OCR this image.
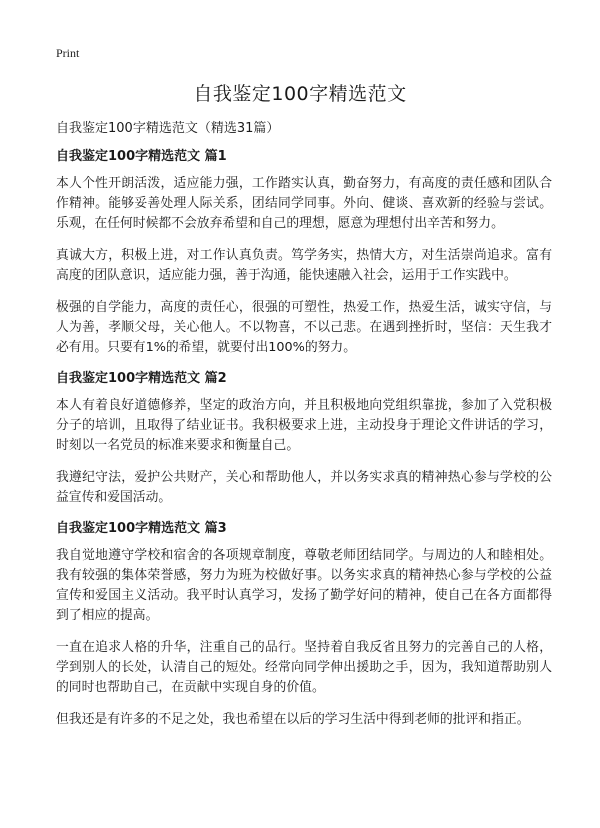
Print
自我鉴定100字精选范文

自我鉴定100字精选范文（精选31篇）

自我鉴定100字精选范文 篇1

本人个性开朗活泼，适应能力强，工作踏实认真，勤奋努力，有高度的责任感和团队合作精神。能够妥善处理人际关系，团结同学同事。外向、健谈、喜欢新的经验与尝试。乐观，在任何时候都不会放弃希望和自己的理想，愿意为理想付出辛苦和努力。

真诚大方，积极上进，对工作认真负责。笃学务实，热情大方，对生活崇尚追求。富有高度的团队意识，适应能力强，善于沟通，能快速融入社会，运用于工作实践中。

极强的自学能力，高度的责任心，很强的可塑性，热爱工作，热爱生活，诚实守信，与人为善，孝顺父母，关心他人。不以物喜，不以己悲。在遇到挫折时，坚信：天生我才必有用。只要有1%的希望，就要付出100%的努力。

自我鉴定100字精选范文 篇2

本人有着良好道德修养，坚定的政治方向，并且积极地向党组织靠拢，参加了入党积极分子的培训，且取得了结业证书。我积极要求上进，主动投身于理论文件讲话的学习，时刻以一名党员的标准来要求和衡量自己。

我遵纪守法，爱护公共财产，关心和帮助他人，并以务实求真的精神热心参与学校的公益宣传和爱国活动。

自我鉴定100字精选范文 篇3

我自觉地遵守学校和宿舍的各项规章制度，尊敬老师团结同学。与周边的人和睦相处。我有较强的集体荣誉感，努力为班为校做好事。以务实求真的精神热心参与学校的公益宣传和爱国主义活动。我平时认真学习，发扬了勤学好问的精神，使自己在各方面都得到了相应的提高。

一直在追求人格的升华，注重自己的品行。坚持着自我反省且努力的完善自己的人格，学到别人的长处，认清自己的短处。经常向同学伸出援助之手，因为，我知道帮助别人的同时也帮助自己，在贡献中实现自身的价值。

但我还是有许多的不足之处，我也希望在以后的学习生活中得到老师的批评和指正。
